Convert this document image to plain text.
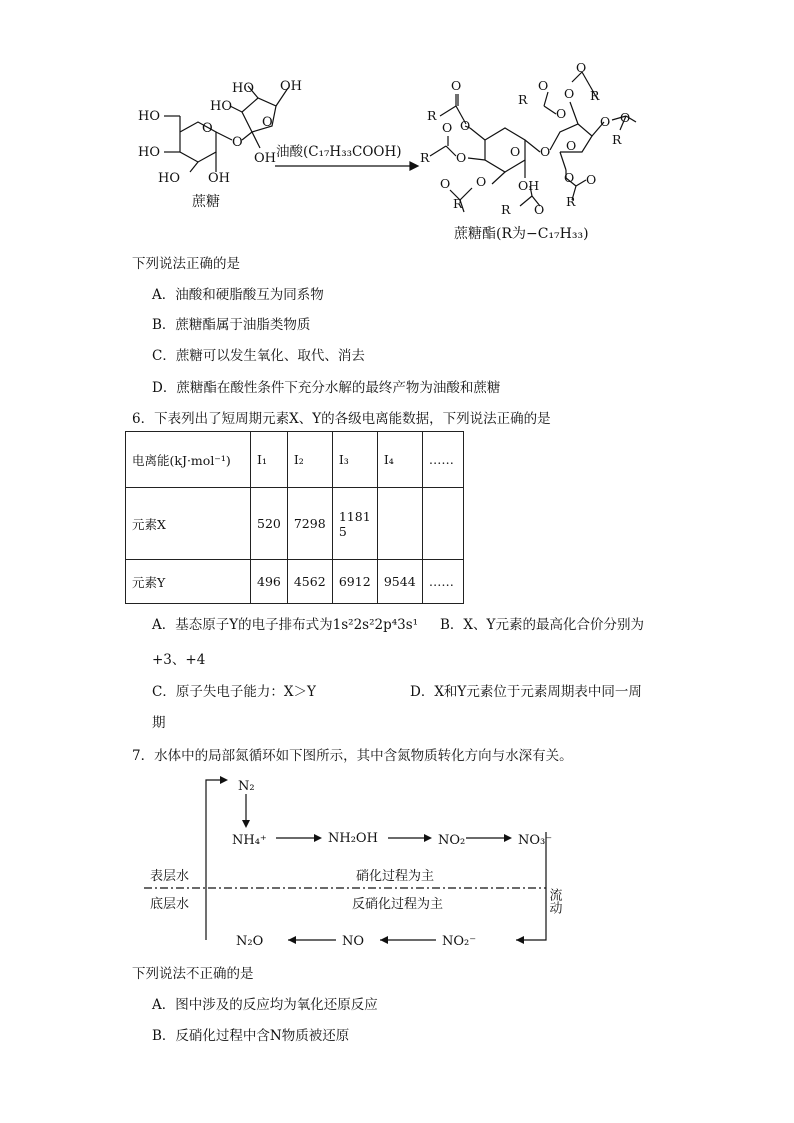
HO
HO
HO OH
HO
HO OH
O
O
O
OH
蔗糖
油酸(C₁₇H₃₃COOH)
R
O
O
R O
O
O
R
O
O
OH
R O
O O
R
O
O
O
O R
O O
R
O O
R
蔗糖酯(R为−C₁₇H₃₃)
下列说法正确的是
A．油酸和硬脂酸互为同系物
B．蔗糖酯属于油脂类物质
C．蔗糖可以发生氧化、取代、消去
D．蔗糖酯在酸性条件下充分水解的最终产物为油酸和蔗糖
6．下表列出了短周期元素X、Y的各级电离能数据，下列说法正确的是
电离能(kJ·mol⁻¹)	I₁	I₂	I₃	I₄	……
元素X	520	7298	11815		
元素Y	496	4562	6912	9544	……
A．基态原子Y的电子排布式为1s²2s²2p⁴3s¹ B．X、Y元素的最高化合价分别为
+3、+4
C．原子失电子能力：X＞Y	D．X和Y元素位于元素周期表中同一周
期
7．水体中的局部氮循环如下图所示，其中含氮物质转化方向与水深有关。
N₂
NH₄⁺	NH₂OH	NO₂⁻	NO₃⁻
N₂O	NO	NO₂⁻
表层水
底层水
硝化过程为主
反硝化过程为主	流动
下列说法不正确的是
A．图中涉及的反应均为氧化还原反应
B．反硝化过程中含N物质被还原
